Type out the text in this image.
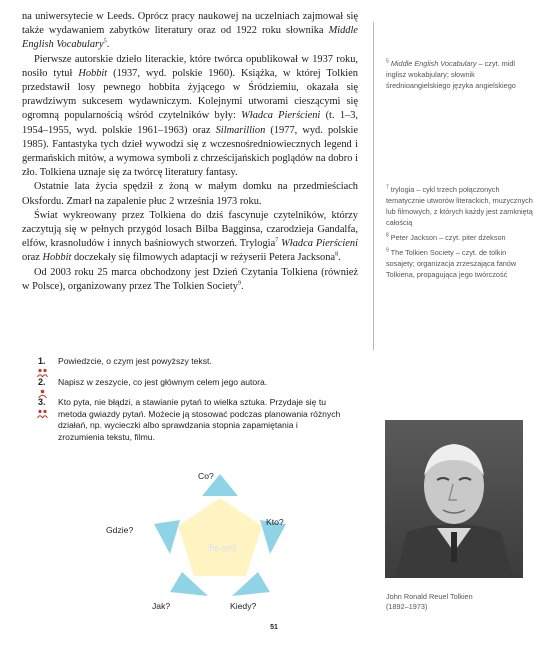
na uniwersytecie w Leeds. Oprócz pracy naukowej na uczelniach zajmował się także wydawaniem zabytków literatury oraz od 1922 roku słownika Middle English Vocabulary$^5$.

Pierwsze autorskie dzieło literackie, które twórca opublikował w 1937 roku, nosiło tytuł Hobbit (1937, wyd. polskie 1960). Książka, w której Tolkien przedstawił losy pewnego hobbita żyjącego w Śródziemiu, okazała się prawdziwym sukcesem wydawniczym. Kolejnymi utworami cieszącymi się ogromną popularnością wśród czytelników były: Władca Pierścieni (t. 1–3, 1954–1955, wyd. polskie 1961–1963) oraz Silmarillion (1977, wyd. polskie 1985). Fantastyka tych dzieł wywodzi się z wczesnośredniowiecznych legend i germańskich mitów, a wymowa symboli z chrześcijańskich poglądów na dobro i zło. Tolkiena uznaje się za twórcę literatury fantasy.

Ostatnie lata życia spędził z żoną w małym domku na przedmieściach Oksfordu. Zmarł na zapalenie płuc 2 września 1973 roku.

Świat wykreowany przez Tolkiena do dziś fascynuje czytelników, którzy zaczytują się w pełnych przygód losach Bilba Bagginsa, czarodzieja Gandalfa, elfów, krasnoludów i innych baśniowych stworzeń. Trylogia$^7$ Władca Pierścieni oraz Hobbit doczekały się filmowych adaptacji w reżyserii Petera Jacksona$^8$.

Od 2003 roku 25 marca obchodzony jest Dzień Czytania Tolkiena (również w Polsce), organizowany przez The Tolkien Society$^9$.

$^5$ Middle English Vocabulary – czyt. midl inglisz wokabjulary; słownik średnioangielskiego języka angielskiego

$^7$ trylogia – cykl trzech połączonych tematycznie utworów literackich, muzycznych lub filmowych, z których każdy jest zamkniętą całością

$^8$ Peter Jackson – czyt. piter dżekson

$^9$ The Tolkien Society – czyt. de tolkin sosajety; organizacja zrzeszająca fanów Tolkiena, propagująca jego twórczość

1. Powiedzcie, o czym jest powyższy tekst.
2. Napisz w zeszycie, co jest głównym celem jego autora.
3. Kto pyta, nie błądzi, a stawianie pytań to wielka sztuka. Przydaje się tu metoda gwiazdy pytań. Możecie ją stosować podczas planowania różnych działań, np. wycieczki albo sprawdzania stopnia zapamiętania i zrozumienia tekstu, filmu.
Po co?
Co?
Kto?
Kiedy?
Jak?
Gdzie?
John Ronald Reuel Tolkien
(1892–1973)
51
